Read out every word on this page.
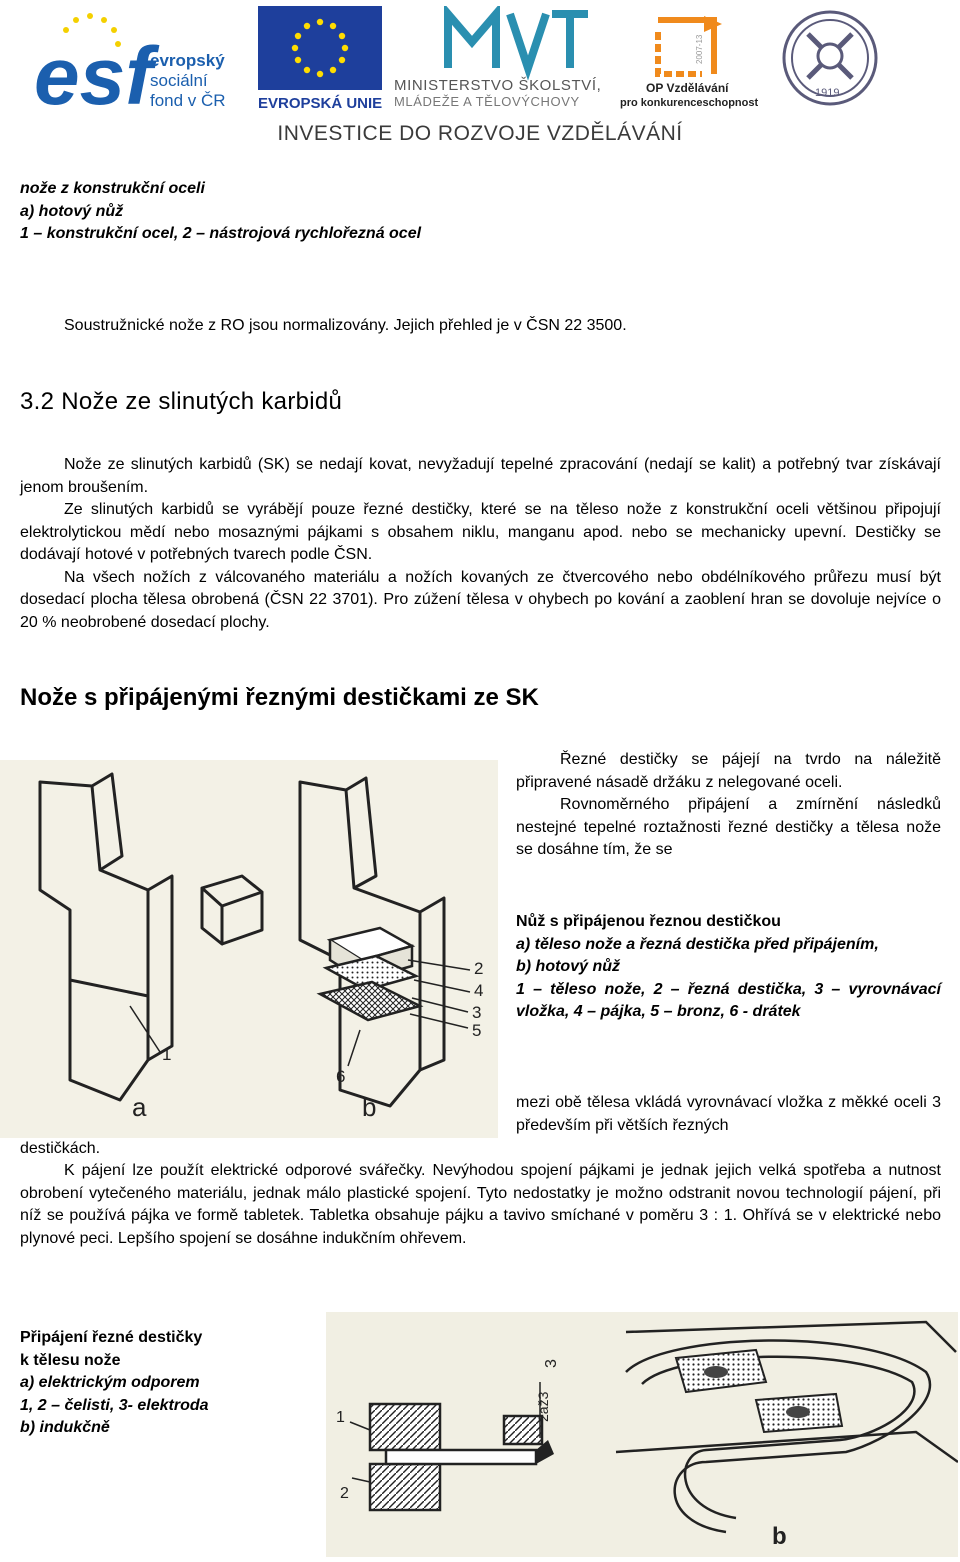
esf
evropský
sociální
fond v ČR EVROPSKÁ UNIE
MINISTERSTVO ŠKOLSTVÍ,
MLÁDEŽE A TĚLOVÝCHOVY
2007-13
OP Vzdělávání
pro konkurenceschopnost
1919
INVESTICE DO ROZVOJE VZDĚLÁVÁNÍ
nože z konstrukční oceli
a) hotový nůž
1 – konstrukční ocel, 2 – nástrojová rychlořezná ocel
Soustružnické nože z RO jsou normalizovány. Jejich přehled je v ČSN 22 3500.
3.2 Nože ze slinutých karbidů
Nože ze slinutých karbidů (SK) se nedají kovat, nevyžadují tepelné zpracování (nedají se kalit) a potřebný tvar získávají jenom broušením.
Ze slinutých karbidů se vyrábějí pouze řezné destičky, které se na těleso nože z konstrukční oceli většinou připojují elektrolytickou mědí nebo mosaznými pájkami s obsahem niklu, manganu apod. nebo se mechanicky upevní. Destičky se dodávají hotové v potřebných tvarech podle ČSN.
Na všech nožích z válcovaného materiálu a nožích kovaných ze čtvercového nebo obdélníkového průřezu musí být dosedací plocha tělesa obrobená (ČSN 22 3701). Pro zúžení tělesa v ohybech po kování a zaoblení hran se dovoluje nejvíce o 20 % neobrobené dosedací plochy.
Nože s připájenými řeznými destičkami ze SK
1
2
4
3
5
6
a	b
Řezné destičky se pájejí na tvrdo na náležitě připravené násadě držáku z nelegované oceli.
Rovnoměrného připájení a zmírnění následků nestejné tepelné roztažnosti řezné destičky a tělesa nože se dosáhne tím, že se
Nůž s připájenou řeznou destičkou
a) těleso nože a řezná destička před připájením,
b) hotový nůž
1 – těleso nože, 2 – řezná destička, 3 – vyrovnávací vložka, 4 – pájka, 5 – bronz, 6 - drátek
mezi obě tělesa vkládá vyrovnávací vložka z měkké oceli 3 především při větších řezných
destičkách.
K pájení lze použít elektrické odporové svářečky. Nevýhodou spojení pájkami je jednak jejich velká spotřeba a nutnost obrobení vytečeného materiálu, jednak málo plastické spojení. Tyto nedostatky je možno odstranit novou technologií pájení, při níž se používá pájka ve formě tabletek. Tabletka obsahuje pájku a tavivo smíchané v poměru 3 : 1. Ohřívá se v elektrické nebo plynové peci. Lepšího spojení se dosáhne indukčním ohřevem.
Připájení řezné destičky
k tělesu nože
a) elektrickým odporem
1, 2 – čelisti, 3- elektroda
b) indukčně
1
2
3
2až3
b
